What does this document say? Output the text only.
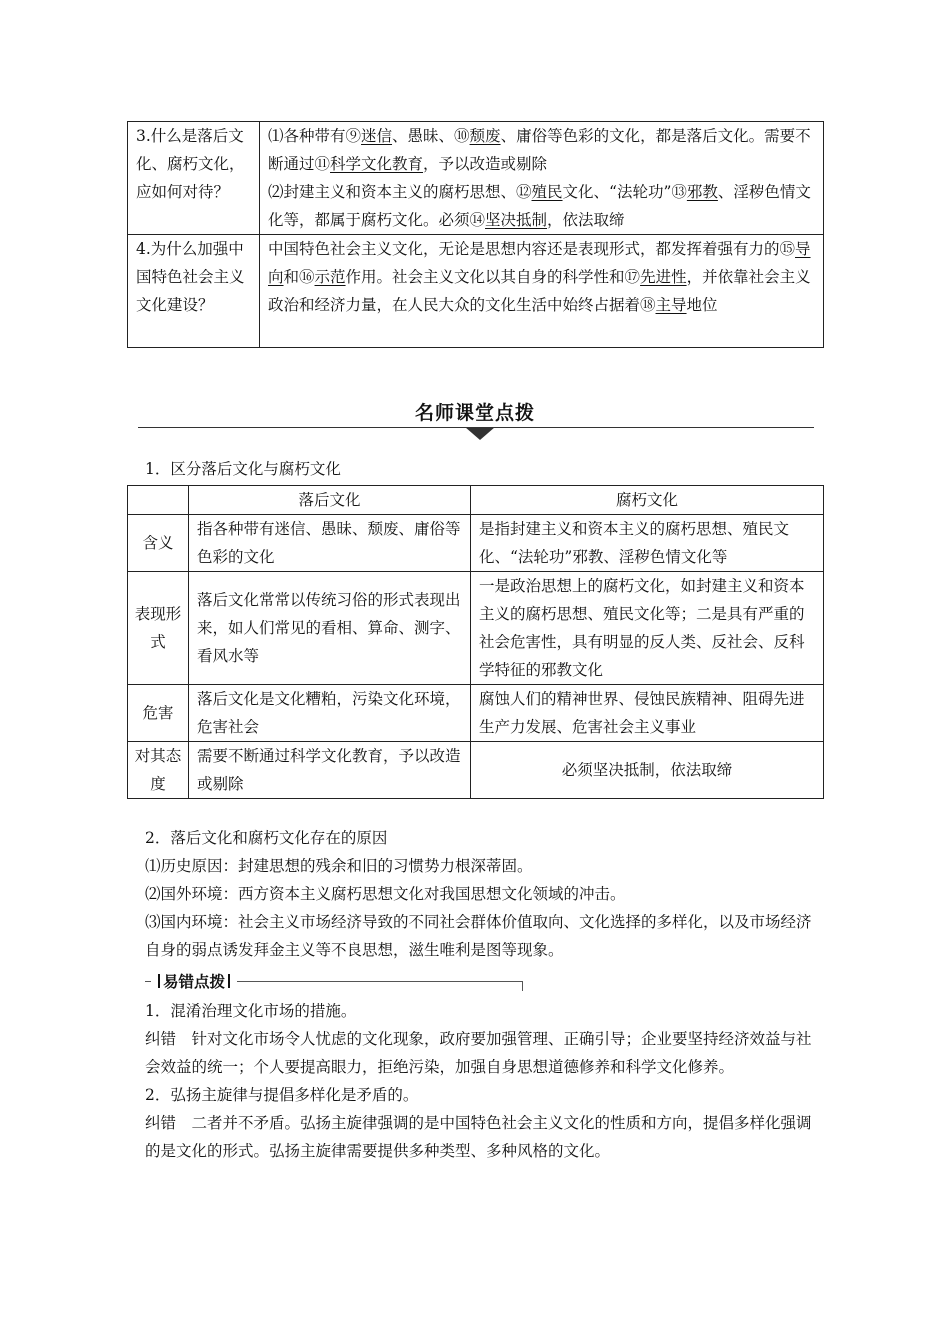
3.什么是落后文化、腐朽文化，应如何对待？	⑴各种带有⑨迷信、愚昧、⑩颓废、庸俗等色彩的文化，都是落后文化。需要不断通过⑪科学文化教育，予以改造或剔除
⑵封建主义和资本主义的腐朽思想、⑫殖民文化、“法轮功”⑬邪教、淫秽色情文化等，都属于腐朽文化。必须⑭坚决抵制，依法取缔

4.为什么加强中国特色社会主义文化建设？	中国特色社会主义文化，无论是思想内容还是表现形式，都发挥着强有力的⑮导向和⑯示范作用。社会主义文化以其自身的科学性和⑰先进性，并依靠社会主义政治和经济力量，在人民大众的文化生活中始终占据着⑱主导地位
名师课堂点拨
1．区分落后文化与腐朽文化
	落后文化	腐朽文化
含义	指各种带有迷信、愚昧、颓废、庸俗等色彩的文化	是指封建主义和资本主义的腐朽思想、殖民文化、“法轮功”邪教、淫秽色情文化等
表现形式	落后文化常常以传统习俗的形式表现出来，如人们常见的看相、算命、测字、看风水等	一是政治思想上的腐朽文化，如封建主义和资本主义的腐朽思想、殖民文化等；二是具有严重的社会危害性，具有明显的反人类、反社会、反科学特征的邪教文化
危害	落后文化是文化糟粕，污染文化环境，危害社会	腐蚀人们的精神世界、侵蚀民族精神、阻碍先进生产力发展、危害社会主义事业
对其态度	需要不断通过科学文化教育，予以改造或剔除	必须坚决抵制，依法取缔
2．落后文化和腐朽文化存在的原因
⑴历史原因：封建思想的残余和旧的习惯势力根深蒂固。
⑵国外环境：西方资本主义腐朽思想文化对我国思想文化领域的冲击。
⑶国内环境：社会主义市场经济导致的不同社会群体价值取向、文化选择的多样化，以及市场经济自身的弱点诱发拜金主义等不良思想，滋生唯利是图等现象。
易错点拨
1．混淆治理文化市场的措施。
纠错　针对文化市场令人忧虑的文化现象，政府要加强管理、正确引导；企业要坚持经济效益与社会效益的统一；个人要提高眼力，拒绝污染，加强自身思想道德修养和科学文化修养。
2．弘扬主旋律与提倡多样化是矛盾的。
纠错　二者并不矛盾。弘扬主旋律强调的是中国特色社会主义文化的性质和方向，提倡多样化强调的是文化的形式。弘扬主旋律需要提供多种类型、多种风格的文化。
